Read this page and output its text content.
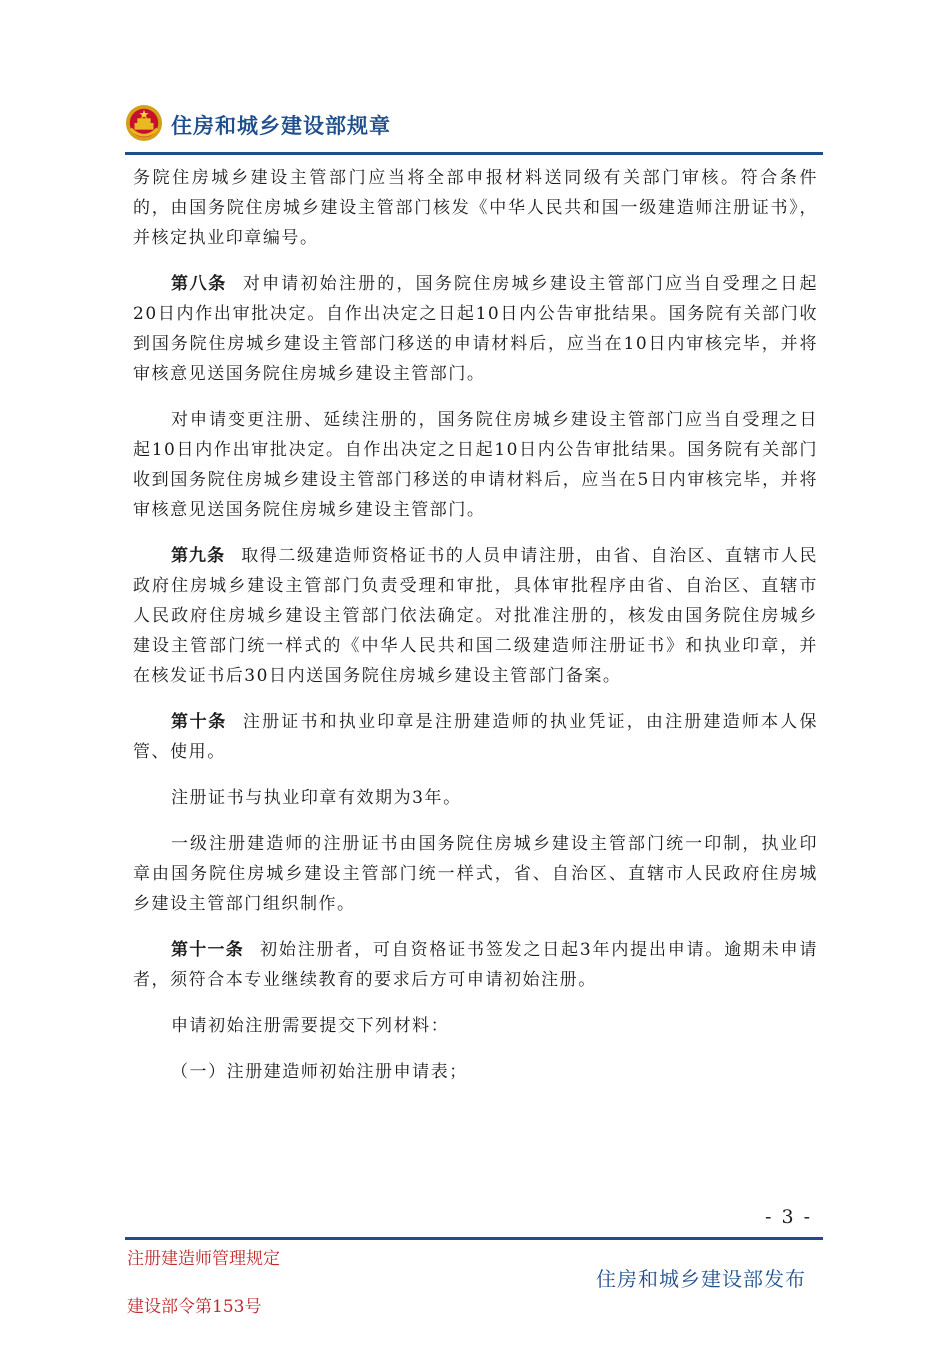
住房和城乡建设部规章

务院住房城乡建设主管部门应当将全部申报材料送同级有关部门审核。符合条件的，由国务院住房城乡建设主管部门核发《中华人民共和国一级建造师注册证书》，并核定执业印章编号。

第八条 对申请初始注册的，国务院住房城乡建设主管部门应当自受理之日起20日内作出审批决定。自作出决定之日起10日内公告审批结果。国务院有关部门收到国务院住房城乡建设主管部门移送的申请材料后，应当在10日内审核完毕，并将审核意见送国务院住房城乡建设主管部门。

对申请变更注册、延续注册的，国务院住房城乡建设主管部门应当自受理之日起10日内作出审批决定。自作出决定之日起10日内公告审批结果。国务院有关部门收到国务院住房城乡建设主管部门移送的申请材料后，应当在5日内审核完毕，并将审核意见送国务院住房城乡建设主管部门。

第九条 取得二级建造师资格证书的人员申请注册，由省、自治区、直辖市人民政府住房城乡建设主管部门负责受理和审批，具体审批程序由省、自治区、直辖市人民政府住房城乡建设主管部门依法确定。对批准注册的，核发由国务院住房城乡建设主管部门统一样式的《中华人民共和国二级建造师注册证书》和执业印章，并在核发证书后30日内送国务院住房城乡建设主管部门备案。

第十条 注册证书和执业印章是注册建造师的执业凭证，由注册建造师本人保管、使用。

注册证书与执业印章有效期为3年。

一级注册建造师的注册证书由国务院住房城乡建设主管部门统一印制，执业印章由国务院住房城乡建设主管部门统一样式，省、自治区、直辖市人民政府住房城乡建设主管部门组织制作。

第十一条 初始注册者，可自资格证书签发之日起3年内提出申请。逾期未申请者，须符合本专业继续教育的要求后方可申请初始注册。

申请初始注册需要提交下列材料：

（一）注册建造师初始注册申请表；

- 3 -
注册建造师管理规定
建设部令第153号
住房和城乡建设部发布
